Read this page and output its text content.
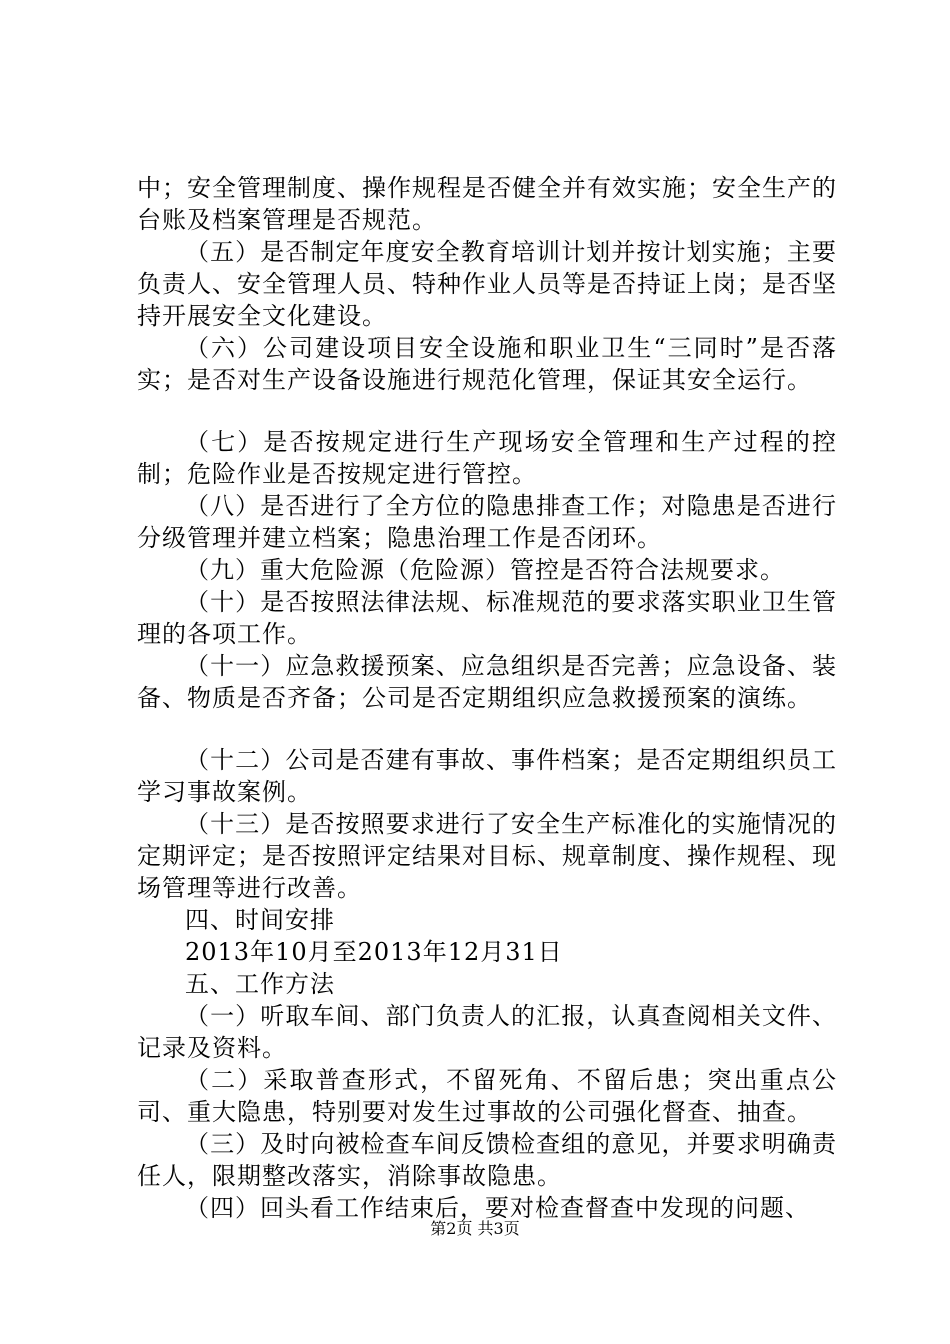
中；安全管理制度、操作规程是否健全并有效实施；安全生产的台账及档案管理是否规范。

（五）是否制定年度安全教育培训计划并按计划实施；主要负责人、安全管理人员、特种作业人员等是否持证上岗；是否坚持开展安全文化建设。

（六）公司建设项目安全设施和职业卫生“三同时”是否落实；是否对生产设备设施进行规范化管理，保证其安全运行。

（七）是否按规定进行生产现场安全管理和生产过程的控制；危险作业是否按规定进行管控。

（八）是否进行了全方位的隐患排查工作；对隐患是否进行分级管理并建立档案；隐患治理工作是否闭环。

（九）重大危险源（危险源）管控是否符合法规要求。

（十）是否按照法律法规、标准规范的要求落实职业卫生管理的各项工作。

（十一）应急救援预案、应急组织是否完善；应急设备、装备、物质是否齐备；公司是否定期组织应急救援预案的演练。

（十二）公司是否建有事故、事件档案；是否定期组织员工学习事故案例。

（十三）是否按照要求进行了安全生产标准化的实施情况的定期评定；是否按照评定结果对目标、规章制度、操作规程、现场管理等进行改善。

四、时间安排

2013年10月至2013年12月31日

五、工作方法

（一）听取车间、部门负责人的汇报，认真查阅相关文件、记录及资料。

（二）采取普查形式，不留死角、不留后患；突出重点公司、重大隐患，特别要对发生过事故的公司强化督查、抽查。

（三）及时向被检查车间反馈检查组的意见，并要求明确责任人，限期整改落实，消除事故隐患。

（四）回头看工作结束后，要对检查督查中发现的问题、

第2页 共3页
